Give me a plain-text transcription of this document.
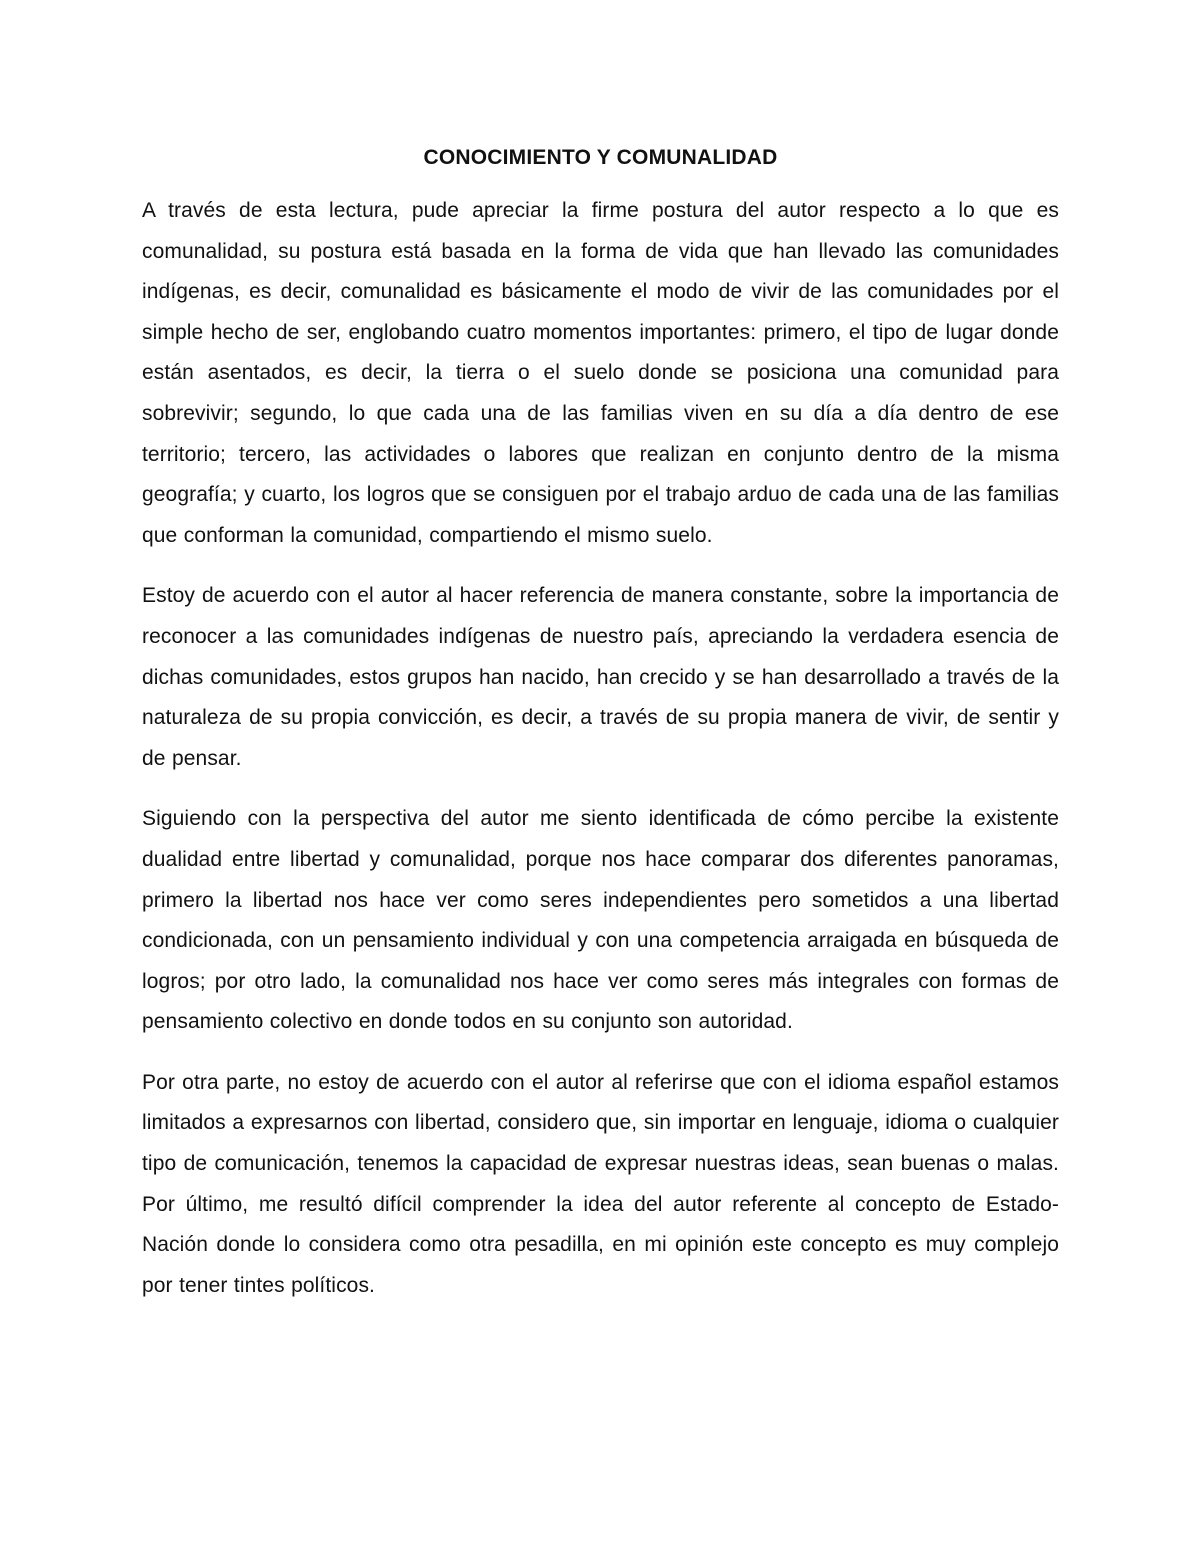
CONOCIMIENTO Y COMUNALIDAD

A través de esta lectura, pude apreciar la firme postura del autor respecto a lo que es comunalidad, su postura está basada en la forma de vida que han llevado las comunidades indígenas, es decir, comunalidad es básicamente el modo de vivir de las comunidades por el simple hecho de ser, englobando cuatro momentos importantes: primero, el tipo de lugar donde están asentados, es decir, la tierra o el suelo donde se posiciona una comunidad para sobrevivir; segundo, lo que cada una de las familias viven en su día a día dentro de ese territorio; tercero, las actividades o labores que realizan en conjunto dentro de la misma geografía; y cuarto, los logros que se consiguen por el trabajo arduo de cada una de las familias que conforman la comunidad, compartiendo el mismo suelo.

Estoy de acuerdo con el autor al hacer referencia de manera constante, sobre la importancia de reconocer a las comunidades indígenas de nuestro país, apreciando la verdadera esencia de dichas comunidades, estos grupos han nacido, han crecido y se han desarrollado a través de la naturaleza de su propia convicción, es decir, a través de su propia manera de vivir, de sentir y de pensar.

Siguiendo con la perspectiva del autor me siento identificada de cómo percibe la existente dualidad entre libertad y comunalidad, porque nos hace comparar dos diferentes panoramas, primero la libertad nos hace ver como seres independientes pero sometidos a una libertad condicionada, con un pensamiento individual y con una competencia arraigada en búsqueda de logros; por otro lado, la comunalidad nos hace ver como seres más integrales con formas de pensamiento colectivo en donde todos en su conjunto son autoridad.

Por otra parte, no estoy de acuerdo con el autor al referirse que con el idioma español estamos limitados a expresarnos con libertad, considero que, sin importar en lenguaje, idioma o cualquier tipo de comunicación, tenemos la capacidad de expresar nuestras ideas, sean buenas o malas. Por último, me resultó difícil comprender la idea del autor referente al concepto de Estado-Nación donde lo considera como otra pesadilla, en mi opinión este concepto es muy complejo por tener tintes políticos.
